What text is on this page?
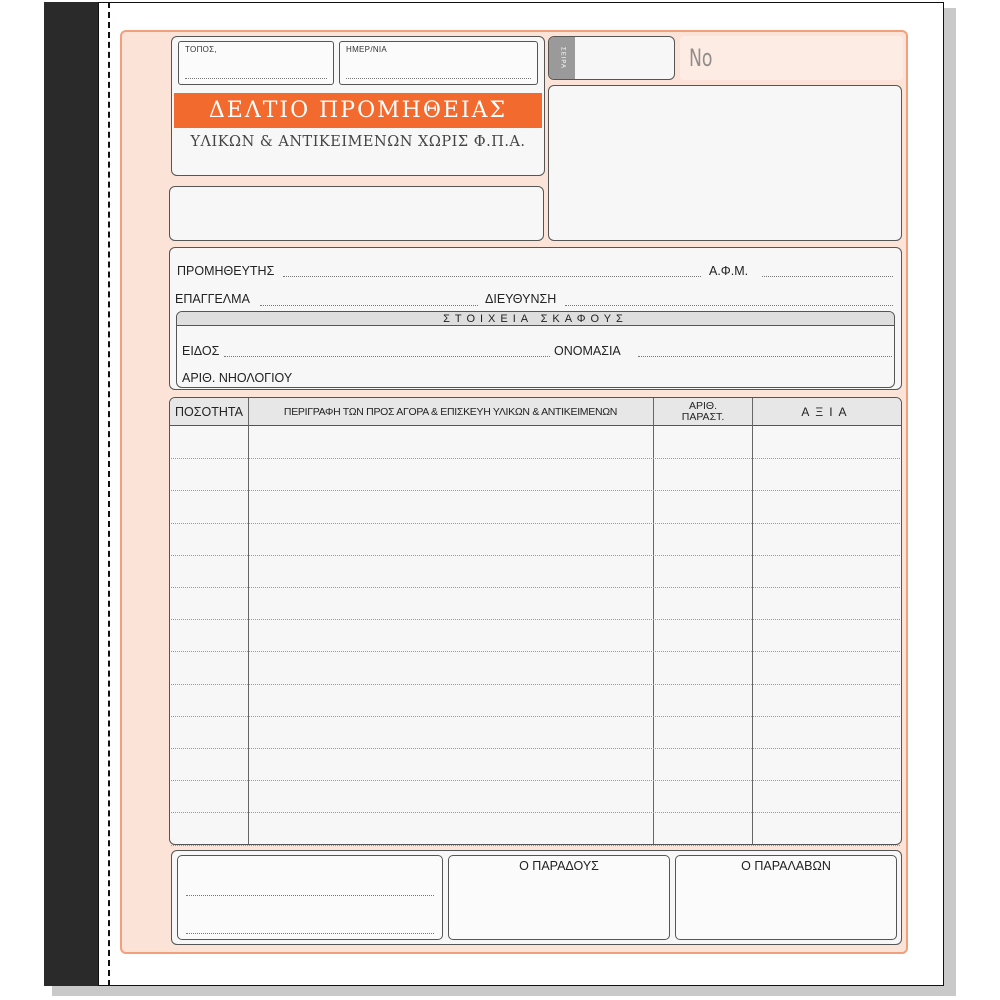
ΤΟΠΟΣ,	ΗΜΕΡ/ΝΙΑ
ΔΕΛΤΙΟ ΠΡΟΜΗΘΕΙΑΣ
ΥΛΙΚΩΝ & ΑΝΤΙΚΕΙΜΕΝΩΝ ΧΩΡΙΣ Φ.Π.Α.
ΣΕΙΡΑ
ΠΡΟΜΗΘΕΥΤΗΣ	Α.Φ.Μ.
ΕΠΑΓΓΕΛΜΑ	ΔΙΕΥΘΥΝΣΗ
ΣΤΟΙΧΕΙΑ ΣΚΑΦΟΥΣ
ΕΙΔΟΣ	ΟΝΟΜΑΣΙΑ
ΑΡΙΘ. ΝΗΟΛΟΓΙΟΥ
ΠΟΣΟΤΗΤΑ	ΠΕΡΙΓΡΑΦΗ ΤΩΝ ΠΡΟΣ ΑΓΟΡΑ & ΕΠΙΣΚΕΥΗ ΥΛΙΚΩΝ & ΑΝΤΙΚΕΙΜΕΝΩΝ	ΑΡΙΘ. ΠΑΡΑΣΤ.	ΑΞΙΑ
Ο ΠΑΡΑΔΟΥΣ	Ο ΠΑΡΑΛΑΒΩΝ
